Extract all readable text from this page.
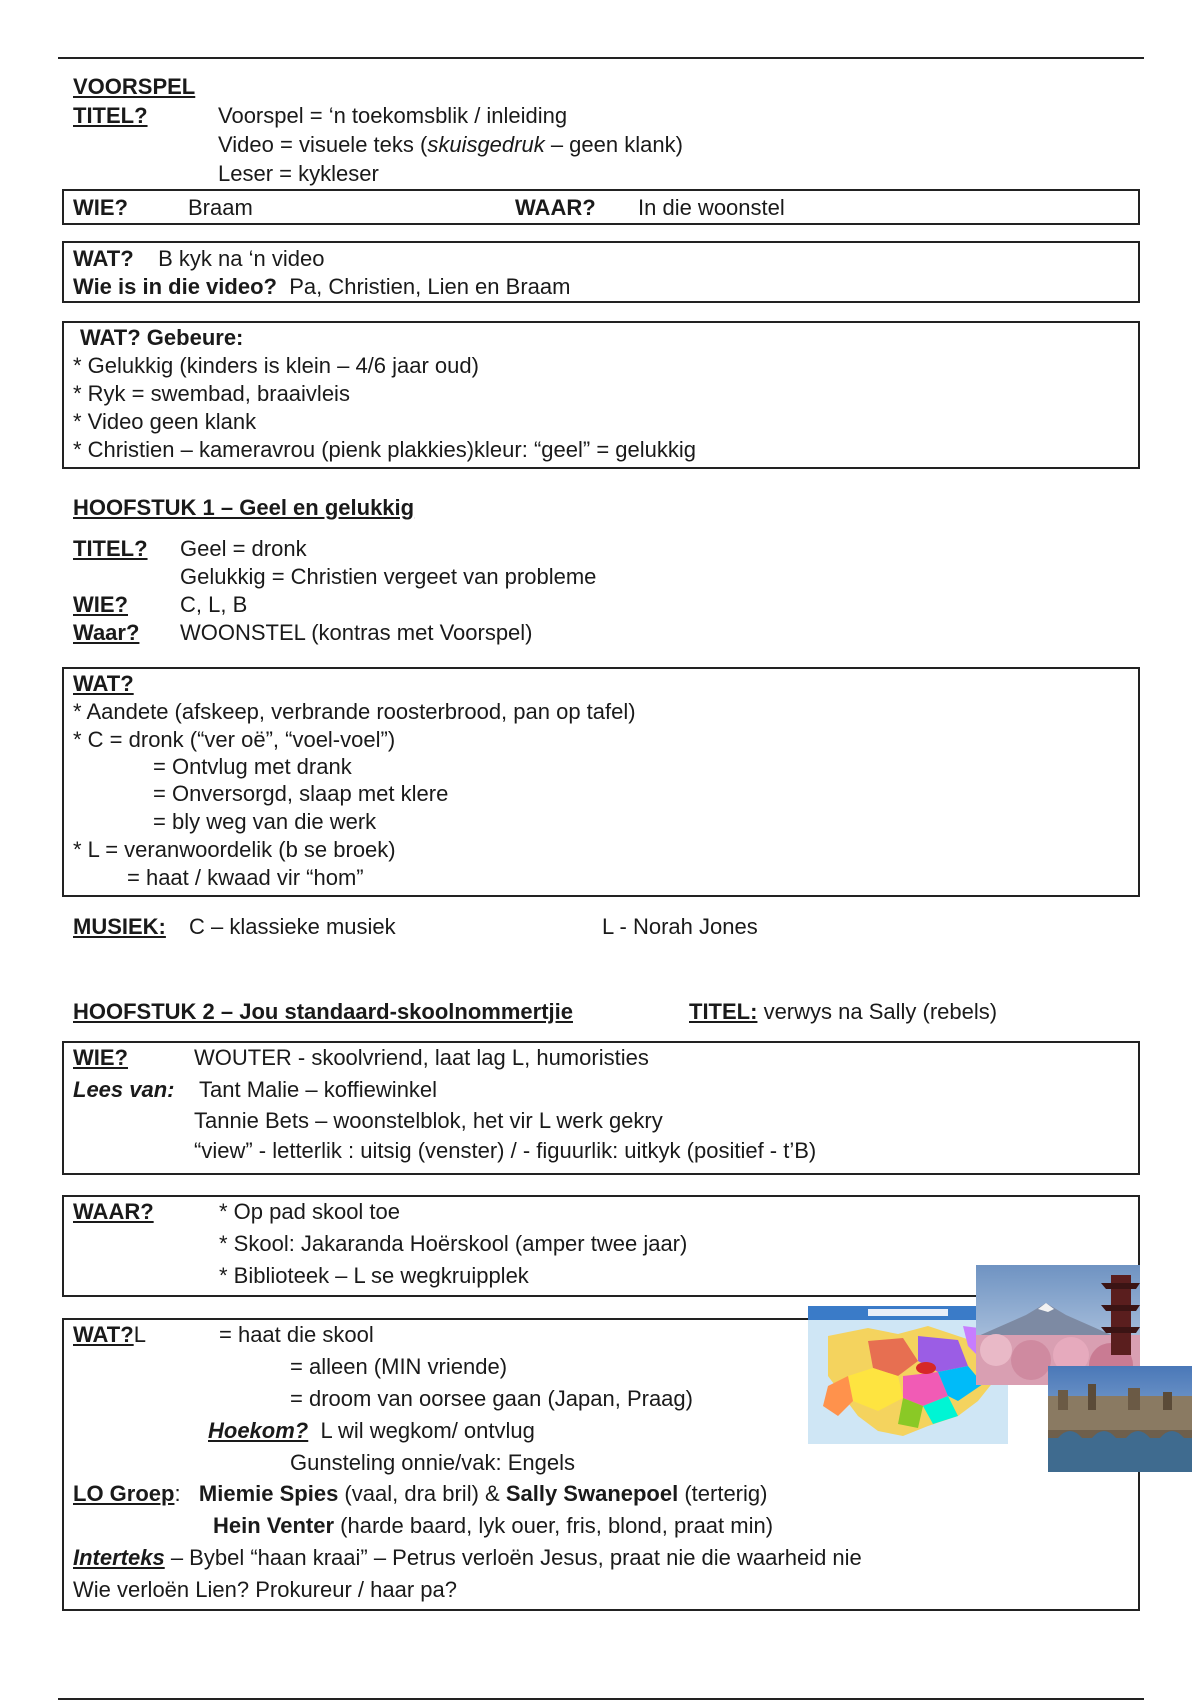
VOORSPEL
TITEL?	Voorspel = ‘n toekomsblik / inleiding
Video = visuele teks (skuisgedruk – geen klank)
Leser = kykleser
WIE?	Braam	WAAR? In die woonstel
WAT? B kyk na ‘n video
Wie is in die video? Pa, Christien, Lien en Braam
WAT? Gebeure:
* Gelukkig (kinders is klein – 4/6 jaar oud)
* Ryk = swembad, braaivleis
* Video geen klank
* Christien – kameravrou (pienk plakkies)kleur: “geel” = gelukkig
HOOFSTUK 1 – Geel en gelukkig
TITEL? Geel = dronk
Gelukkig = Christien vergeet van probleme
WIE? C, L, B
Waar? WOONSTEL (kontras met Voorspel)
WAT?
* Aandete (afskeep, verbrande roosterbrood, pan op tafel)
* C = dronk (“ver oë”, “voel-voel”)
= Ontvlug met drank
= Onversorgd, slaap met klere
= bly weg van die werk
* L = veranwoordelik (b se broek)
= haat / kwaad vir “hom”
MUSIEK: C – klassieke musiek	L - Norah Jones
HOOFSTUK 2 – Jou standaard-skoolnommertjie	TITEL: verwys na Sally (rebels)
WIE?	WOUTER - skoolvriend, laat lag L, humoristies
Lees van: Tant Malie – koffiewinkel
Tannie Bets – woonstelblok, het vir L werk gekry
“view” - letterlik : uitsig (venster) / - figuurlik: uitkyk (positief - t’B)
WAAR?	* Op pad skool toe
* Skool: Jakaranda Hoërskool (amper twee jaar)
* Biblioteek – L se wegkruipplek
WAT?L	= haat die skool
= alleen (MIN vriende)
= droom van oorsee gaan (Japan, Praag)
Hoekom? L wil wegkom/ ontvlug
Gunsteling onnie/vak: Engels
LO Groep: Miemie Spies (vaal, dra bril) & Sally Swanepoel (terterig)
Hein Venter (harde baard, lyk ouer, fris, blond, praat min)
Interteks – Bybel “haan kraai” – Petrus verloën Jesus, praat nie die waarheid nie
Wie verloën Lien? Prokureur / haar pa?
